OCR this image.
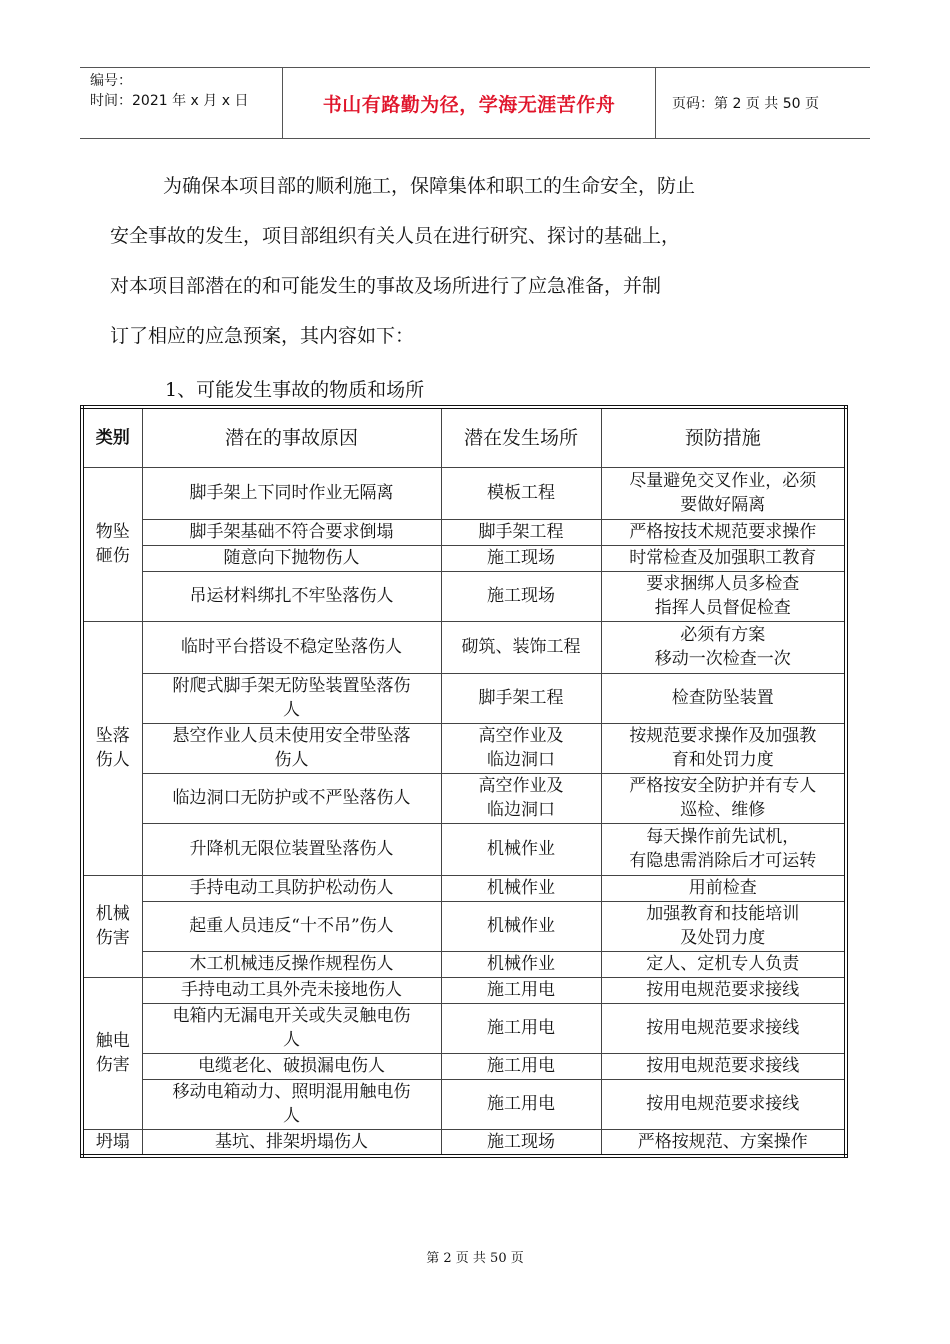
编号：
时间：2021 年 x 月 x 日	书山有路勤为径，学海无涯苦作舟	页码：第 2 页 共 50 页
为确保本项目部的顺利施工，保障集体和职工的生命安全，防止
安全事故的发生，项目部组织有关人员在进行研究、探讨的基础上，
对本项目部潜在的和可能发生的事故及场所进行了应急准备，并制
订了相应的应急预案，其内容如下：
1、可能发生事故的物质和场所
类别	潜在的事故原因	潜在发生场所	预防措施
物坠
砸伤	脚手架上下同时作业无隔离	模板工程	尽量避免交叉作业，必须
要做好隔离
	脚手架基础不符合要求倒塌	脚手架工程	严格按技术规范要求操作
	随意向下抛物伤人	施工现场	时常检查及加强职工教育
	吊运材料绑扎不牢坠落伤人	施工现场	要求捆绑人员多检查
指挥人员督促检查
坠落
伤人	临时平台搭设不稳定坠落伤人	砌筑、装饰工程	必须有方案
移动一次检查一次
	附爬式脚手架无防坠装置坠落伤
人	脚手架工程	检查防坠装置
	悬空作业人员未使用安全带坠落
伤人	高空作业及
临边洞口	按规范要求操作及加强教
育和处罚力度
	临边洞口无防护或不严坠落伤人	高空作业及
临边洞口	严格按安全防护并有专人
巡检、维修
	升降机无限位装置坠落伤人	机械作业	每天操作前先试机，
有隐患需消除后才可运转
机械
伤害	手持电动工具防护松动伤人	机械作业	用前检查
	起重人员违反“十不吊”伤人	机械作业	加强教育和技能培训
及处罚力度
	木工机械违反操作规程伤人	机械作业	定人、定机专人负责
触电
伤害	手持电动工具外壳未接地伤人	施工用电	按用电规范要求接线
	电箱内无漏电开关或失灵触电伤
人	施工用电	按用电规范要求接线
	电缆老化、破损漏电伤人	施工用电	按用电规范要求接线
	移动电箱动力、照明混用触电伤
人	施工用电	按用电规范要求接线
坍塌	基坑、排架坍塌伤人	施工现场	严格按规范、方案操作
第 2 页 共 50 页
